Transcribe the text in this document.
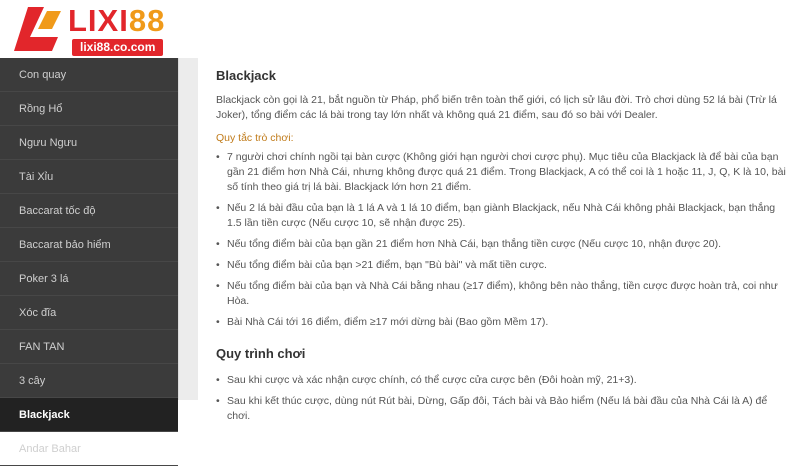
LIXI88
lixi88.co.com
Con quay
Rồng Hổ
Ngưu Ngưu
Tài Xỉu
Baccarat tốc độ
Baccarat bảo hiểm
Poker 3 lá
Xóc đĩa
FAN TAN
3 cây
Blackjack
Andar Bahar
Blackjack

Blackjack còn gọi là 21, bắt nguồn từ Pháp, phổ biến trên toàn thế giới, có lịch sử lâu đời. Trò chơi dùng 52 lá bài (Trừ lá Joker), tổng điểm các lá bài trong tay lớn nhất và không quá 21 điểm, sau đó so bài với Dealer.

Quy tắc trò chơi:
• 7 người chơi chính ngồi tại bàn cược (Không giới hạn người chơi cược phụ). Mục tiêu của Blackjack là để bài của bạn gần 21 điểm hơn Nhà Cái, nhưng không được quá 21 điểm. Trong Blackjack, A có thể coi là 1 hoặc 11, J, Q, K là 10, bài số tính theo giá trị lá bài. Blackjack lớn hơn 21 điểm.
• Nếu 2 lá bài đầu của bạn là 1 lá A và 1 lá 10 điểm, bạn giành Blackjack, nếu Nhà Cái không phải Blackjack, bạn thắng 1.5 lần tiền cược (Nếu cược 10, sẽ nhận được 25).
• Nếu tổng điểm bài của bạn gần 21 điểm hơn Nhà Cái, bạn thắng tiền cược (Nếu cược 10, nhận được 20).
• Nếu tổng điểm bài của bạn >21 điểm, bạn "Bù bài" và mất tiền cược.
• Nếu tổng điểm bài của bạn và Nhà Cái bằng nhau (≥17 điểm), không bên nào thắng, tiền cược được hoàn trả, coi như Hòa.
• Bài Nhà Cái tới 16 điểm, điểm ≥17 mới dừng bài (Bao gồm Mềm 17).
Quy trình chơi
• Sau khi cược và xác nhận cược chính, có thể cược cửa cược bên (Đôi hoàn mỹ, 21+3).
• Sau khi kết thúc cược, dùng nút Rút bài, Dừng, Gấp đôi, Tách bài và Bảo hiểm (Nếu lá bài đầu của Nhà Cái là A) để chơi.
